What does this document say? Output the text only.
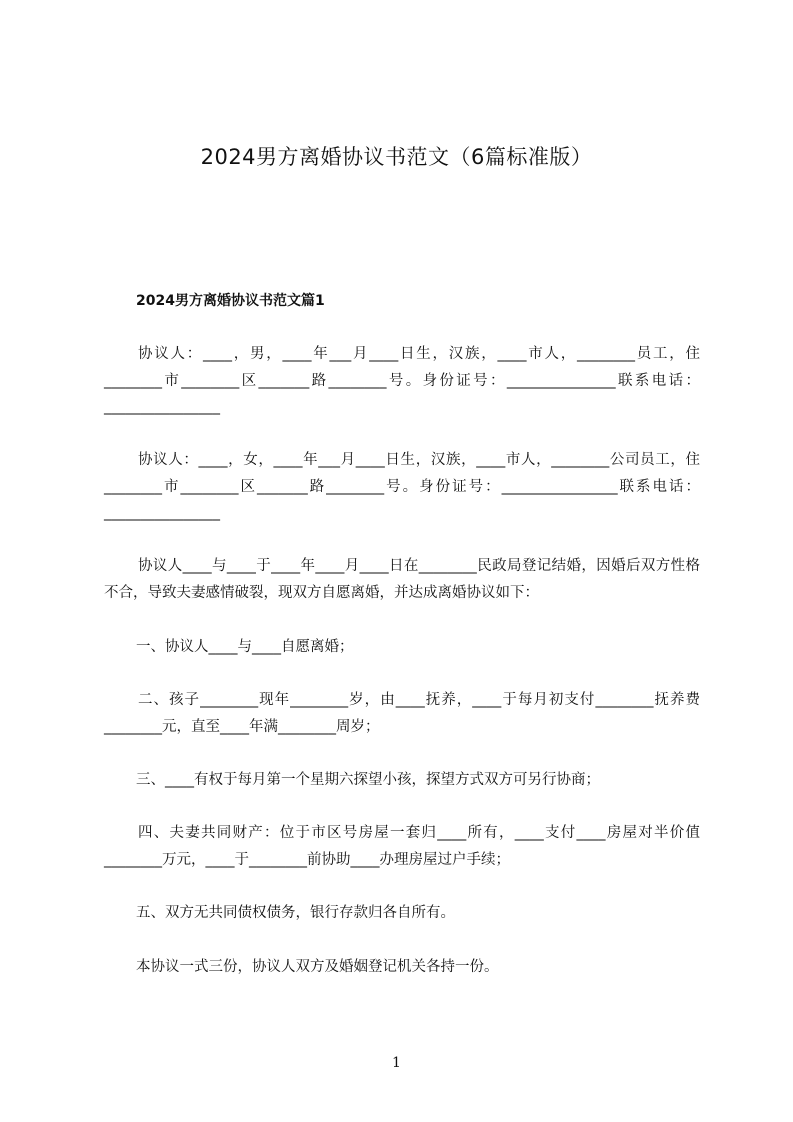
2024男方离婚协议书范文（6篇标准版）
2024男方离婚协议书范文篇1

协议人：____，男，____年___月____日生，汉族，____市人，________员工，住________市________区_______路________号。身份证号：_______________联系电话：________________

协议人：____，女，____年___月____日生，汉族，____市人，________公司员工，住________市________区_______路________号。身份证号：________________联系电话：________________

协议人____与____于____年____月____日在________民政局登记结婚，因婚后双方性格不合，导致夫妻感情破裂，现双方自愿离婚，并达成离婚协议如下：

一、协议人____与____自愿离婚；

二、孩子________现年________岁，由____抚养，____于每月初支付________抚养费________元，直至____年满________周岁；

三、____有权于每月第一个星期六探望小孩，探望方式双方可另行协商；

四、夫妻共同财产：位于市区号房屋一套归____所有，____支付____房屋对半价值________万元，____于________前协助____办理房屋过户手续；

五、双方无共同债权债务，银行存款归各自所有。

本协议一式三份，协议人双方及婚姻登记机关各持一份。

1
